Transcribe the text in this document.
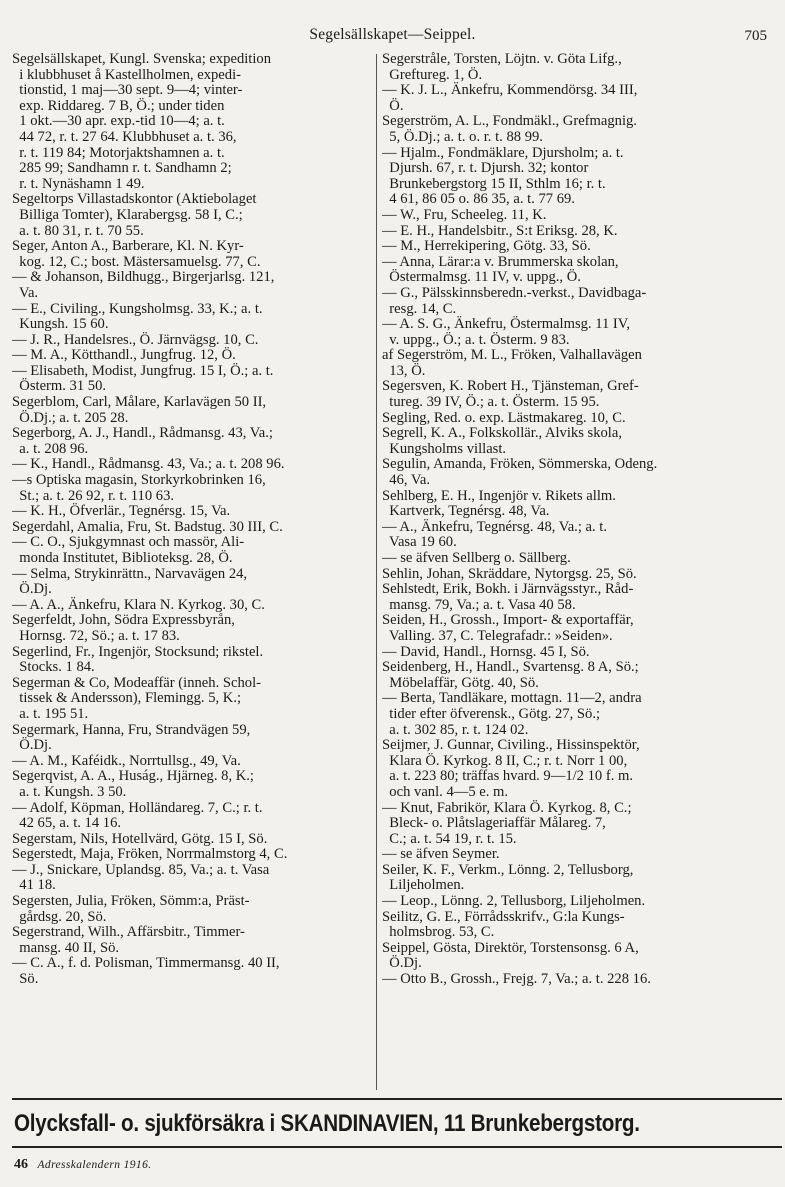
Segelsällskapet—Seippel.	705
Segelsällskapet, Kungl. Svenska; expedition
i klubbhuset å Kastellholmen, expedi-
tionstid, 1 maj—30 sept. 9—4; vinter-
exp. Riddareg. 7 B, Ö.; under tiden
1 okt.—30 apr. exp.-tid 10—4; a. t.
44 72, r. t. 27 64. Klubbhuset a. t. 36,
r. t. 119 84; Motorjaktshamnen a. t.
285 99; Sandhamn r. t. Sandhamn 2;
r. t. Nynäshamn 1 49.
Segeltorps Villastadskontor (Aktiebolaget
Billiga Tomter), Klarabergsg. 58 I, C.;
a. t. 80 31, r. t. 70 55.
Seger, Anton A., Barberare, Kl. N. Kyr-
kog. 12, C.; bost. Mästersamuelsg. 77, C.
— & Johanson, Bildhugg., Birgerjarlsg. 121,
Va.
— E., Civiling., Kungsholmsg. 33, K.; a. t.
Kungsh. 15 60.
— J. R., Handelsres., Ö. Järnvägsg. 10, C.
— M. A., Kötthandl., Jungfrug. 12, Ö.
— Elisabeth, Modist, Jungfrug. 15 I, Ö.; a. t.
Österm. 31 50.
Segerblom, Carl, Målare, Karlavägen 50 II,
Ö.Dj.; a. t. 205 28.
Segerborg, A. J., Handl., Rådmansg. 43, Va.;
a. t. 208 96.
— K., Handl., Rådmansg. 43, Va.; a. t. 208 96.
—s Optiska magasin, Storkyrkobrinken 16,
St.; a. t. 26 92, r. t. 110 63.
— K. H., Öfverlär., Tegnérsg. 15, Va.
Segerdahl, Amalia, Fru, St. Badstug. 30 III, C.
— C. O., Sjukgymnast och massör, Ali-
monda Institutet, Biblioteksg. 28, Ö.
— Selma, Strykinrättn., Narvavägen 24,
Ö.Dj.
— A. A., Änkefru, Klara N. Kyrkog. 30, C.
Segerfeldt, John, Södra Expressbyrån,
Hornsg. 72, Sö.; a. t. 17 83.
Segerlind, Fr., Ingenjör, Stocksund; rikstel.
Stocks. 1 84.
Segerman & Co, Modeaffär (inneh. Schol-
tissek & Andersson), Flemingg. 5, K.;
a. t. 195 51.
Segermark, Hanna, Fru, Strandvägen 59,
Ö.Dj.
— A. M., Kaféidk., Norrtullsg., 49, Va.
Segerqvist, A. A., Huság., Hjärneg. 8, K.;
a. t. Kungsh. 3 50.
— Adolf, Köpman, Holländareg. 7, C.; r. t.
42 65, a. t. 14 16.
Segerstam, Nils, Hotellvärd, Götg. 15 I, Sö.
Segerstedt, Maja, Fröken, Norrmalmstorg 4, C.
— J., Snickare, Uplandsg. 85, Va.; a. t. Vasa
41 18.
Segersten, Julia, Fröken, Sömm:a, Präst-
gårdsg. 20, Sö.
Segerstrand, Wilh., Affärsbitr., Timmer-
mansg. 40 II, Sö.
— C. A., f. d. Polisman, Timmermansg. 40 II,
Sö.
Segerstråle, Torsten, Löjtn. v. Göta Lifg.,
Greftureg. 1, Ö.
— K. J. L., Änkefru, Kommendörsg. 34 III,
Ö.
Segerström, A. L., Fondmäkl., Grefmagnig.
5, Ö.Dj.; a. t. o. r. t. 88 99.
— Hjalm., Fondmäklare, Djursholm; a. t.
Djursh. 67, r. t. Djursh. 32; kontor
Brunkebergstorg 15 II, Sthlm 16; r. t.
4 61, 86 05 o. 86 35, a. t. 77 69.
— W., Fru, Scheeleg. 11, K.
— E. H., Handelsbitr., S:t Eriksg. 28, K.
— M., Herrekipering, Götg. 33, Sö.
— Anna, Lärar:a v. Brummerska skolan,
Östermalmsg. 11 IV, v. uppg., Ö.
— G., Pälsskinnsberedn.-verkst., Davidbaga-
resg. 14, C.
— A. S. G., Änkefru, Östermalmsg. 11 IV,
v. uppg., Ö.; a. t. Österm. 9 83.
af Segerström, M. L., Fröken, Valhallavägen
13, Ö.
Segersven, K. Robert H., Tjänsteman, Gref-
tureg. 39 IV, Ö.; a. t. Österm. 15 95.
Segling, Red. o. exp. Lästmakareg. 10, C.
Segrell, K. A., Folkskollär., Alviks skola,
Kungsholms villast.
Segulin, Amanda, Fröken, Sömmerska, Odeng.
46, Va.
Sehlberg, E. H., Ingenjör v. Rikets allm.
Kartverk, Tegnérsg. 48, Va.
— A., Änkefru, Tegnérsg. 48, Va.; a. t.
Vasa 19 60.
— se äfven Sellberg o. Sällberg.
Sehlin, Johan, Skräddare, Nytorgsg. 25, Sö.
Sehlstedt, Erik, Bokh. i Järnvägsstyr., Råd-
mansg. 79, Va.; a. t. Vasa 40 58.
Seiden, H., Grossh., Import- & exportaffär,
Valling. 37, C. Telegrafadr.: »Seiden».
— David, Handl., Hornsg. 45 I, Sö.
Seidenberg, H., Handl., Svartensg. 8 A, Sö.;
Möbelaffär, Götg. 40, Sö.
— Berta, Tandläkare, mottagn. 11—2, andra
tider efter öfverensk., Götg. 27, Sö.;
a. t. 302 85, r. t. 124 02.
Seijmer, J. Gunnar, Civiling., Hissinspektör,
Klara Ö. Kyrkog. 8 II, C.; r. t. Norr 1 00,
a. t. 223 80; träffas hvard. 9—1/2 10 f. m.
och vanl. 4—5 e. m.
— Knut, Fabrikör, Klara Ö. Kyrkog. 8, C.;
Bleck- o. Plåtslageriaffär Målareg. 7,
C.; a. t. 54 19, r. t. 15.
— se äfven Seymer.
Seiler, K. F., Verkm., Lönng. 2, Tellusborg,
Liljeholmen.
— Leop., Lönng. 2, Tellusborg, Liljeholmen.
Seilitz, G. E., Förrådsskrifv., G:la Kungs-
holmsbrog. 53, C.
Seippel, Gösta, Direktör, Torstensonsg. 6 A,
Ö.Dj.
— Otto B., Grossh., Frejg. 7, Va.; a. t. 228 16.
Olycksfall- o. sjukförsäkra i SKANDINAVIEN, 11 Brunkebergstorg.
46 Adresskalendern 1916.
